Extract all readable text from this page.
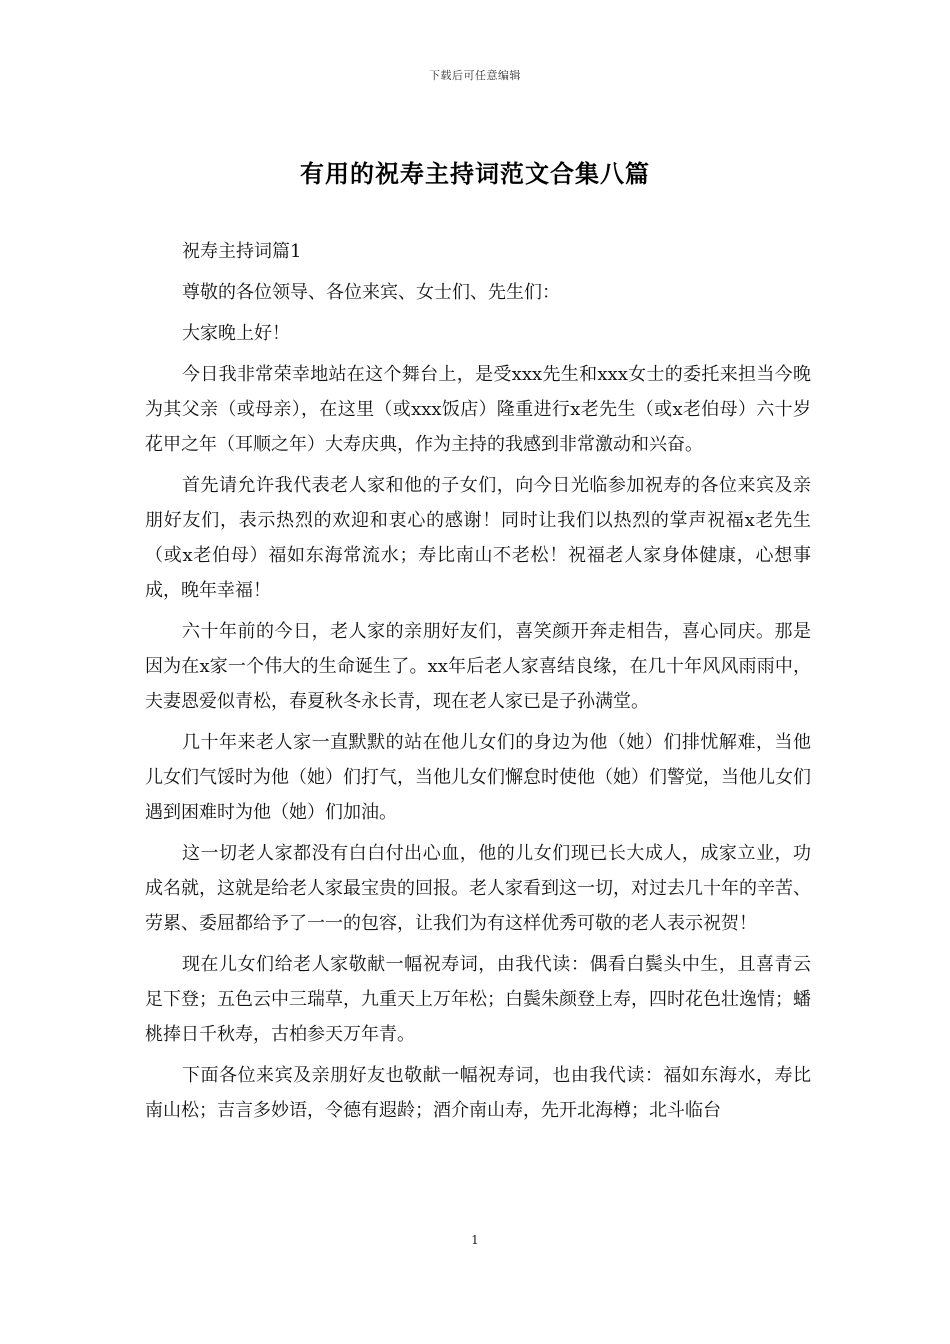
下载后可任意编辑
有用的祝寿主持词范文合集八篇

祝寿主持词篇1

尊敬的各位领导、各位来宾、女士们、先生们：

大家晚上好！

今日我非常荣幸地站在这个舞台上，是受xxx先生和xxx女士的委托来担当今晚为其父亲（或母亲），在这里（或xxx饭店）隆重进行x老先生（或x老伯母）六十岁花甲之年（耳顺之年）大寿庆典，作为主持的我感到非常激动和兴奋。

首先请允许我代表老人家和他的子女们，向今日光临参加祝寿的各位来宾及亲朋好友们，表示热烈的欢迎和衷心的感谢！同时让我们以热烈的掌声祝福x老先生（或x老伯母）福如东海常流水；寿比南山不老松！祝福老人家身体健康，心想事成，晚年幸福！

六十年前的今日，老人家的亲朋好友们，喜笑颜开奔走相告，喜心同庆。那是因为在x家一个伟大的生命诞生了。xx年后老人家喜结良缘，在几十年风风雨雨中，夫妻恩爱似青松，春夏秋冬永长青，现在老人家已是子孙满堂。

几十年来老人家一直默默的站在他儿女们的身边为他（她）们排忧解难，当他儿女们气馁时为他（她）们打气，当他儿女们懈怠时使他（她）们警觉，当他儿女们遇到困难时为他（她）们加油。

这一切老人家都没有白白付出心血，他的儿女们现已长大成人，成家立业，功成名就，这就是给老人家最宝贵的回报。老人家看到这一切，对过去几十年的辛苦、劳累、委屈都给予了一一的包容，让我们为有这样优秀可敬的老人表示祝贺！

现在儿女们给老人家敬献一幅祝寿词，由我代读：偶看白鬓头中生，且喜青云足下登；五色云中三瑞草，九重天上万年松；白鬓朱颜登上寿，四时花色壮逸情；蟠桃捧日千秋寿，古柏参天万年青。

下面各位来宾及亲朋好友也敬献一幅祝寿词，也由我代读：福如东海水，寿比南山松；吉言多妙语，令德有遐龄；酒介南山寿，先开北海樽；北斗临台

1
